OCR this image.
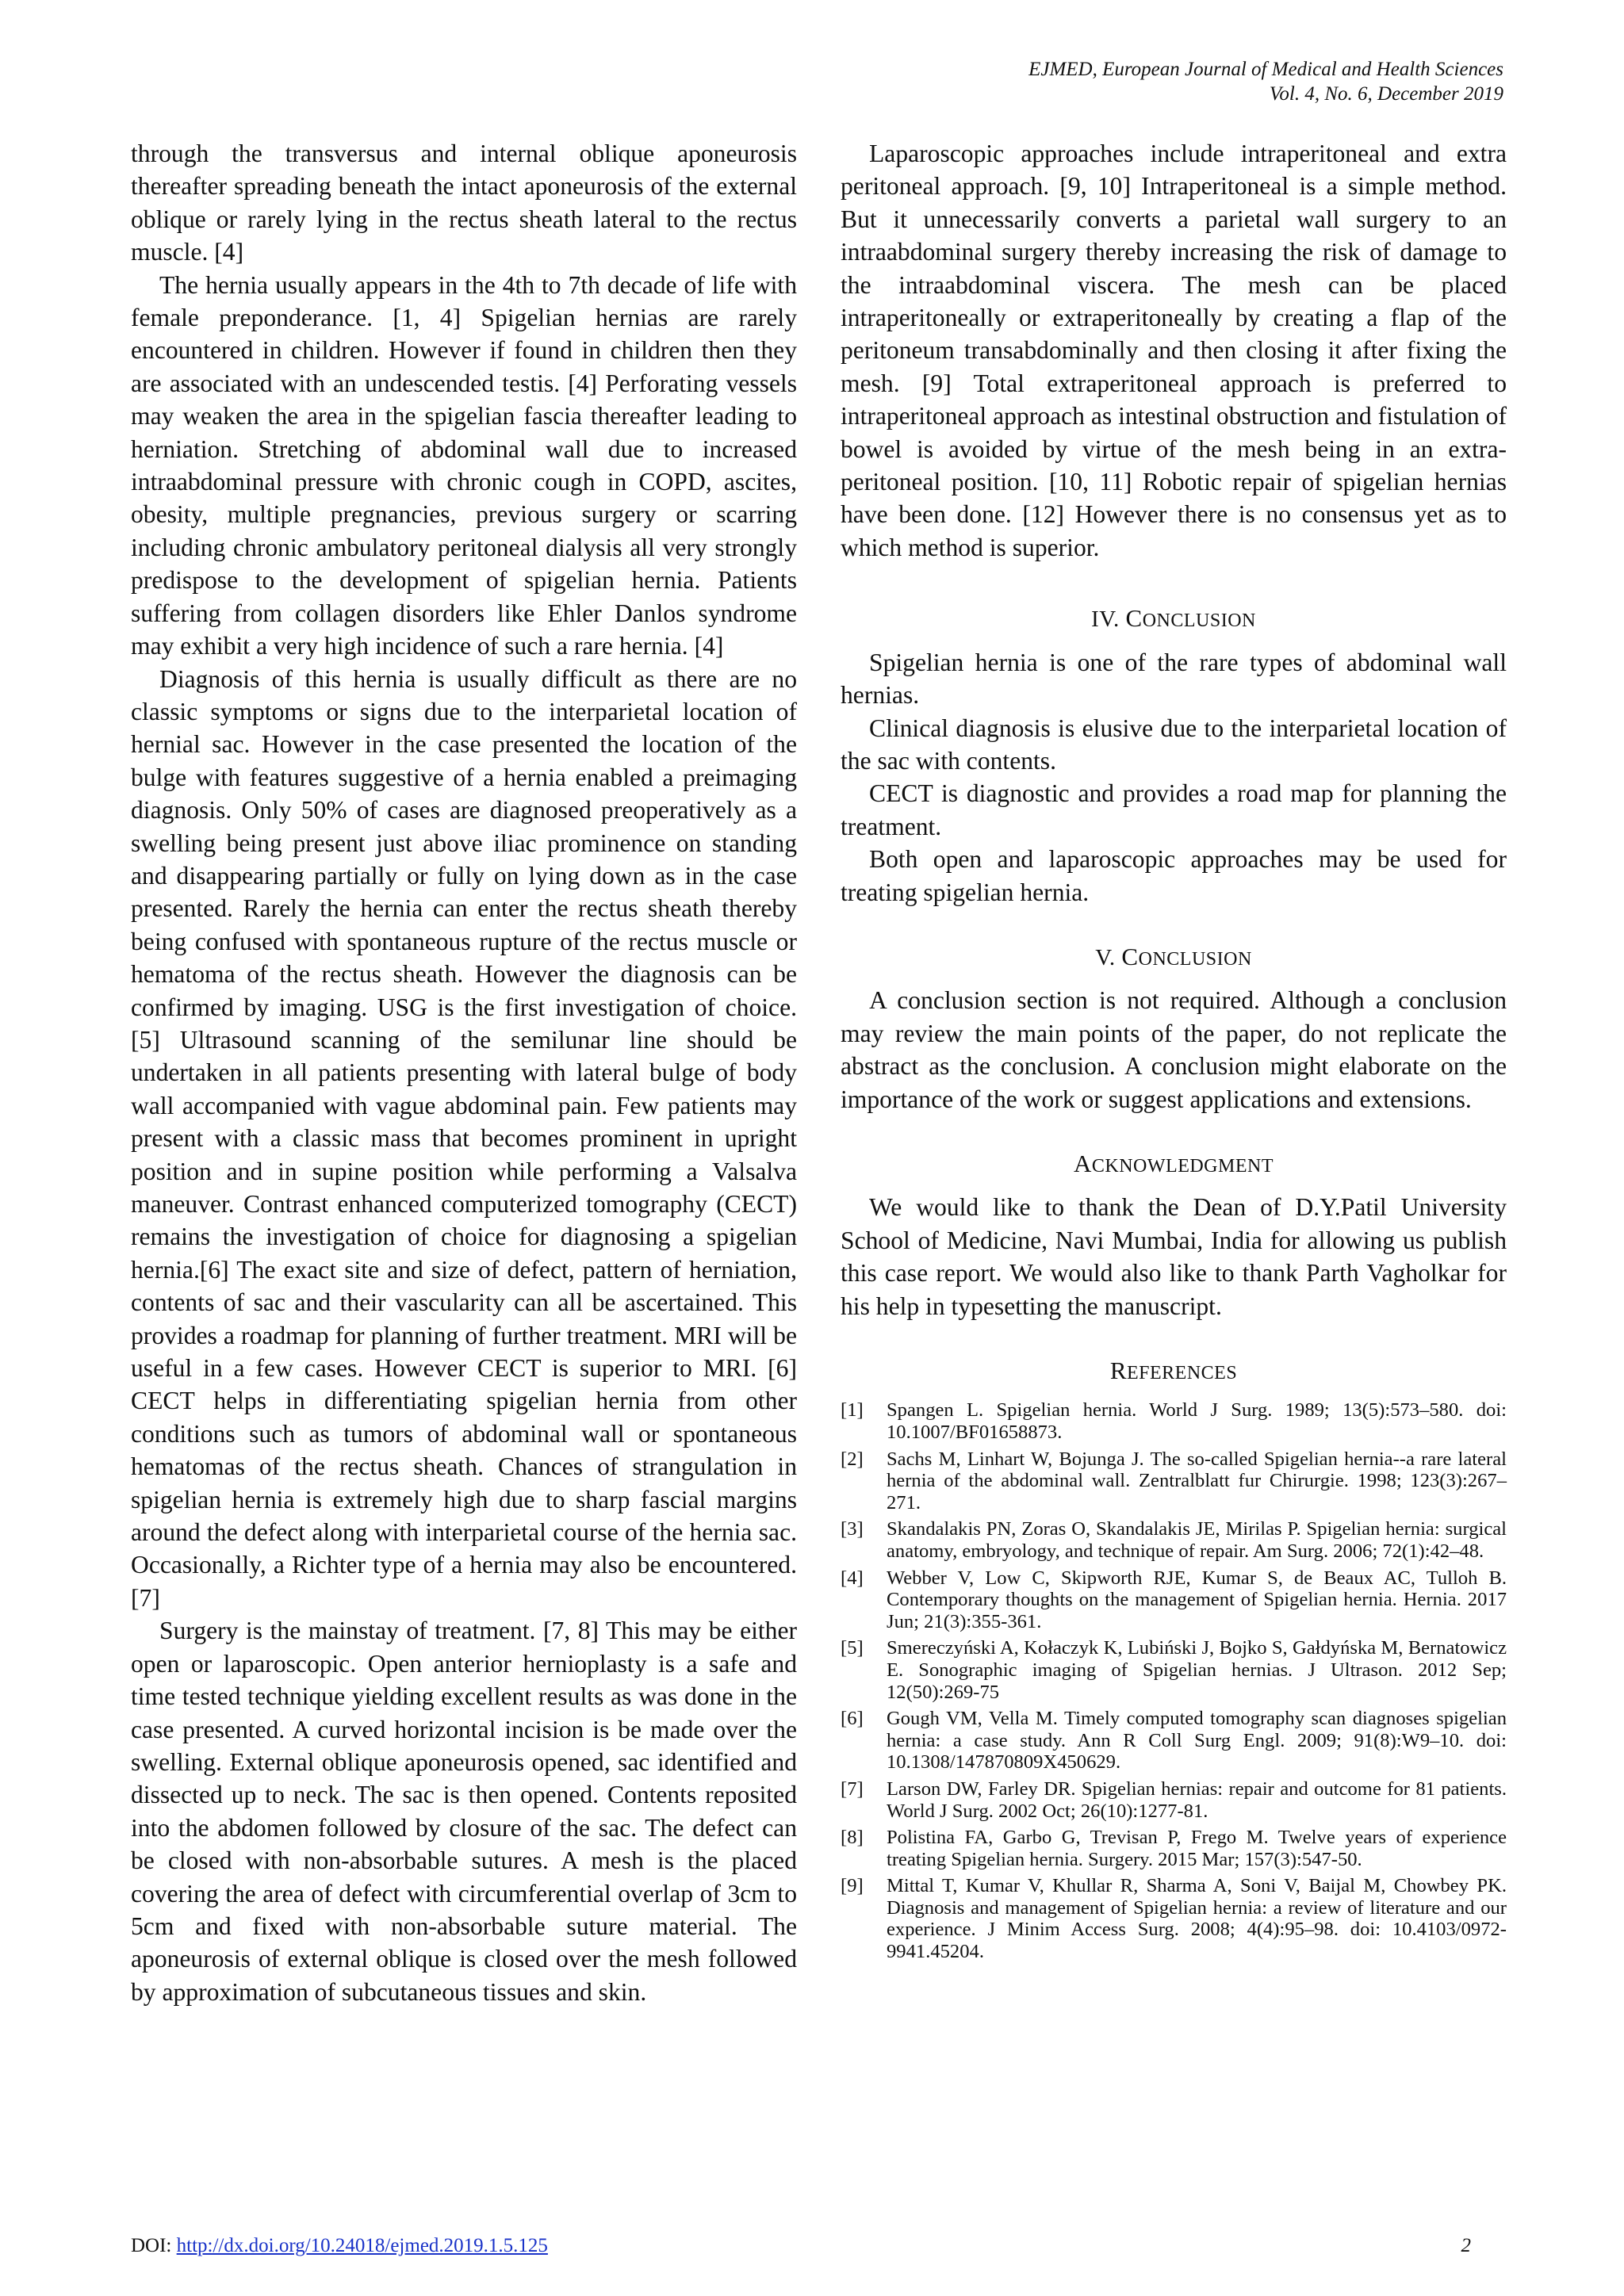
EJMED, European Journal of Medical and Health Sciences
Vol. 4, No. 6, December 2019

through the transversus and internal oblique aponeurosis thereafter spreading beneath the intact aponeurosis of the external oblique or rarely lying in the rectus sheath lateral to the rectus muscle. [4]

The hernia usually appears in the 4th to 7th decade of life with female preponderance. [1, 4] Spigelian hernias are rarely encountered in children. However if found in children then they are associated with an undescended testis. [4] Perforating vessels may weaken the area in the spigelian fascia thereafter leading to herniation. Stretching of abdominal wall due to increased intraabdominal pressure with chronic cough in COPD, ascites, obesity, multiple pregnancies, previous surgery or scarring including chronic ambulatory peritoneal dialysis all very strongly predispose to the development of spigelian hernia. Patients suffering from collagen disorders like Ehler Danlos syndrome may exhibit a very high incidence of such a rare hernia. [4]

Diagnosis of this hernia is usually difficult as there are no classic symptoms or signs due to the interparietal location of hernial sac. However in the case presented the location of the bulge with features suggestive of a hernia enabled a preimaging diagnosis. Only 50% of cases are diagnosed preoperatively as a swelling being present just above iliac prominence on standing and disappearing partially or fully on lying down as in the case presented. Rarely the hernia can enter the rectus sheath thereby being confused with spontaneous rupture of the rectus muscle or hematoma of the rectus sheath. However the diagnosis can be confirmed by imaging. USG is the first investigation of choice. [5] Ultrasound scanning of the semilunar line should be undertaken in all patients presenting with lateral bulge of body wall accompanied with vague abdominal pain. Few patients may present with a classic mass that becomes prominent in upright position and in supine position while performing a Valsalva maneuver. Contrast enhanced computerized tomography (CECT) remains the investigation of choice for diagnosing a spigelian hernia.[6] The exact site and size of defect, pattern of herniation, contents of sac and their vascularity can all be ascertained. This provides a roadmap for planning of further treatment. MRI will be useful in a few cases. However CECT is superior to MRI. [6] CECT helps in differentiating spigelian hernia from other conditions such as tumors of abdominal wall or spontaneous hematomas of the rectus sheath. Chances of strangulation in spigelian hernia is extremely high due to sharp fascial margins around the defect along with interparietal course of the hernia sac. Occasionally, a Richter type of a hernia may also be encountered. [7]

Surgery is the mainstay of treatment. [7, 8] This may be either open or laparoscopic. Open anterior hernioplasty is a safe and time tested technique yielding excellent results as was done in the case presented. A curved horizontal incision is be made over the swelling. External oblique aponeurosis opened, sac identified and dissected up to neck. The sac is then opened. Contents reposited into the abdomen followed by closure of the sac. The defect can be closed with non-absorbable sutures. A mesh is the placed covering the area of defect with circumferential overlap of 3cm to 5cm and fixed with non-absorbable suture material. The aponeurosis of external oblique is closed over the mesh followed by approximation of subcutaneous tissues and skin.

Laparoscopic approaches include intraperitoneal and extra peritoneal approach. [9, 10] Intraperitoneal is a simple method. But it unnecessarily converts a parietal wall surgery to an intraabdominal surgery thereby increasing the risk of damage to the intraabdominal viscera. The mesh can be placed intraperitoneally or extraperitoneally by creating a flap of the peritoneum transabdominally and then closing it after fixing the mesh. [9] Total extraperitoneal approach is preferred to intraperitoneal approach as intestinal obstruction and fistulation of bowel is avoided by virtue of the mesh being in an extra-peritoneal position. [10, 11] Robotic repair of spigelian hernias have been done. [12] However there is no consensus yet as to which method is superior.

IV. CONCLUSION

Spigelian hernia is one of the rare types of abdominal wall hernias.

Clinical diagnosis is elusive due to the interparietal location of the sac with contents.

CECT is diagnostic and provides a road map for planning the treatment.

Both open and laparoscopic approaches may be used for treating spigelian hernia.

V. CONCLUSION

A conclusion section is not required. Although a conclusion may review the main points of the paper, do not replicate the abstract as the conclusion. A conclusion might elaborate on the importance of the work or suggest applications and extensions.

ACKNOWLEDGMENT

We would like to thank the Dean of D.Y.Patil University School of Medicine, Navi Mumbai, India for allowing us publish this case report. We would also like to thank Parth Vagholkar for his help in typesetting the manuscript.

REFERENCES
[1]	Spangen L. Spigelian hernia. World J Surg. 1989; 13(5):573–580. doi: 10.1007/BF01658873.
[2]	Sachs M, Linhart W, Bojunga J. The so-called Spigelian hernia--a rare lateral hernia of the abdominal wall. Zentralblatt fur Chirurgie. 1998; 123(3):267–271.
[3]	Skandalakis PN, Zoras O, Skandalakis JE, Mirilas P. Spigelian hernia: surgical anatomy, embryology, and technique of repair. Am Surg. 2006; 72(1):42–48.
[4]	Webber V, Low C, Skipworth RJE, Kumar S, de Beaux AC, Tulloh B. Contemporary thoughts on the management of Spigelian hernia. Hernia. 2017 Jun; 21(3):355-361.
[5]	Smereczyński A, Kołaczyk K, Lubiński J, Bojko S, Gałdyńska M, Bernatowicz E. Sonographic imaging of Spigelian hernias. J Ultrason. 2012 Sep; 12(50):269-75
[6]	Gough VM, Vella M. Timely computed tomography scan diagnoses spigelian hernia: a case study. Ann R Coll Surg Engl. 2009; 91(8):W9–10. doi: 10.1308/147870809X450629.
[7]	Larson DW, Farley DR. Spigelian hernias: repair and outcome for 81 patients. World J Surg. 2002 Oct; 26(10):1277-81.
[8]	Polistina FA, Garbo G, Trevisan P, Frego M. Twelve years of experience treating Spigelian hernia. Surgery. 2015 Mar; 157(3):547-50.
[9]	Mittal T, Kumar V, Khullar R, Sharma A, Soni V, Baijal M, Chowbey PK. Diagnosis and management of Spigelian hernia: a review of literature and our experience. J Minim Access Surg. 2008; 4(4):95–98. doi: 10.4103/0972-9941.45204.
DOI: http://dx.doi.org/10.24018/ejmed.2019.1.5.125	2
